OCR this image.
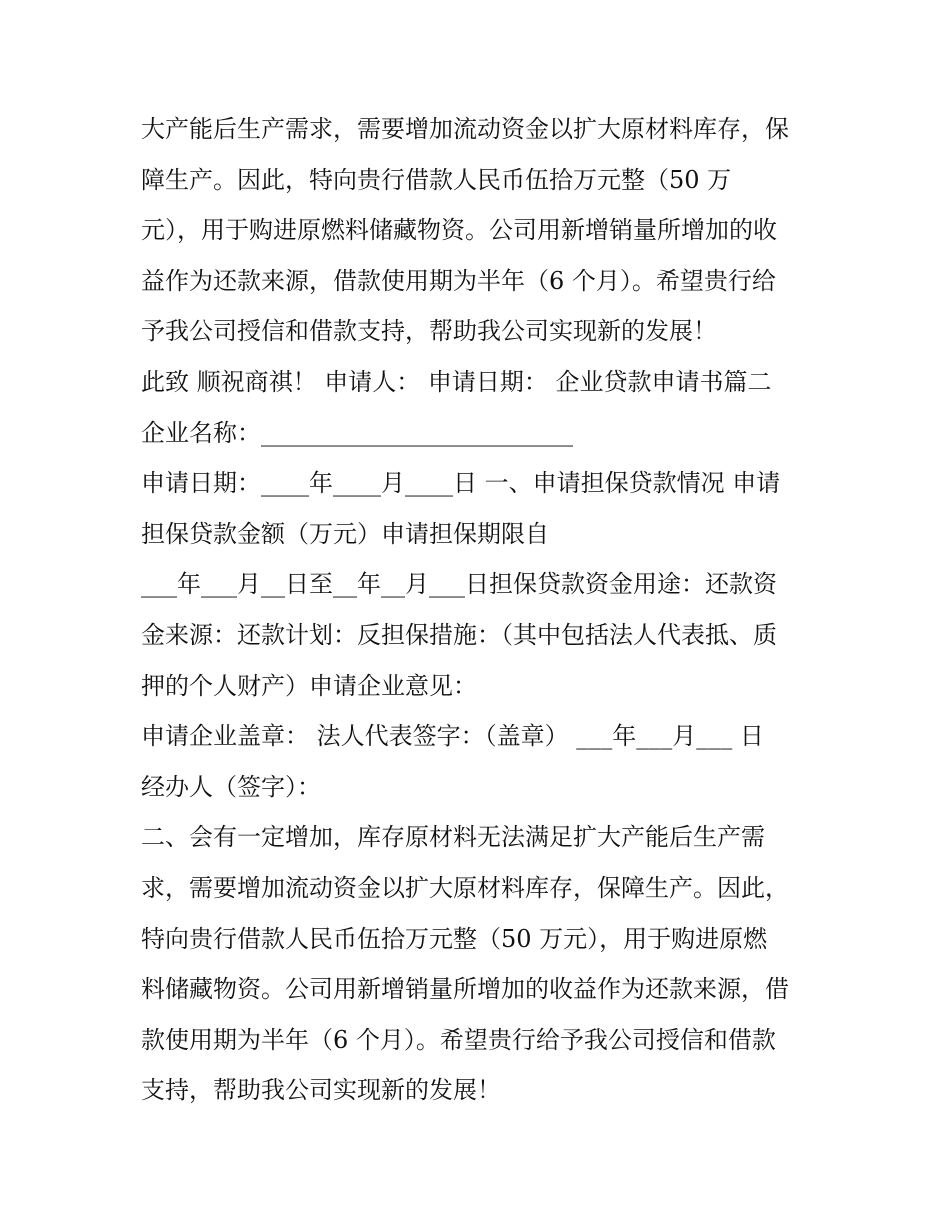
大产能后生产需求，需要增加流动资金以扩大原材料库存，保
障生产。因此，特向贵行借款人民币伍拾万元整（50 万
元），用于购进原燃料储藏物资。公司用新增销量所增加的收
益作为还款来源，借款使用期为半年（6 个月）。希望贵行给
予我公司授信和借款支持，帮助我公司实现新的发展！
此致 顺祝商祺！ 申请人： 申请日期： 企业贷款申请书篇二
企业名称：__________________________
申请日期：____年____月____日 一、申请担保贷款情况 申请
担保贷款金额（万元）申请担保期限自
___年___月__日至__年__月___日担保贷款资金用途：还款资
金来源：还款计划：反担保措施：（其中包括法人代表抵、质
押的个人财产）申请企业意见：
申请企业盖章： 法人代表签字：（盖章） ___年___月___ 日
经办人（签字）：
二、会有一定增加，库存原材料无法满足扩大产能后生产需
求，需要增加流动资金以扩大原材料库存，保障生产。因此，
特向贵行借款人民币伍拾万元整（50 万元），用于购进原燃
料储藏物资。公司用新增销量所增加的收益作为还款来源，借
款使用期为半年（6 个月）。希望贵行给予我公司授信和借款
支持，帮助我公司实现新的发展！
